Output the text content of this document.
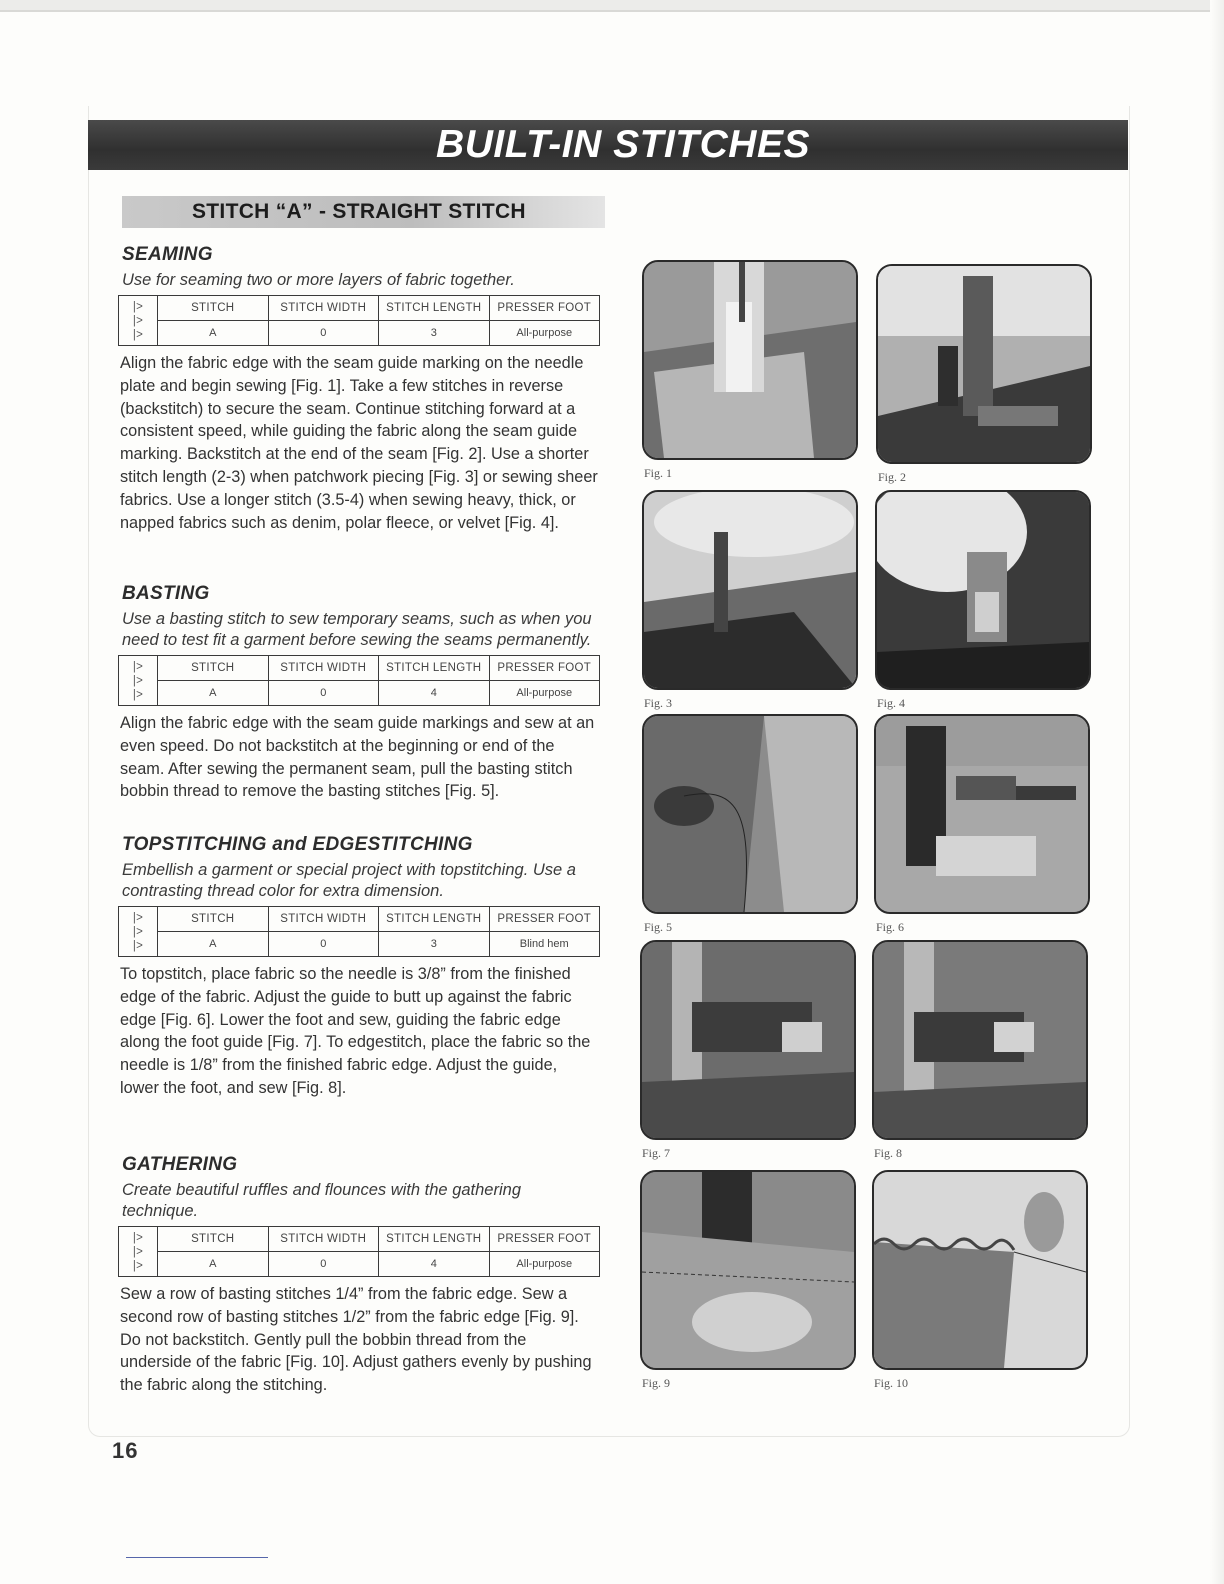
BUILT-IN STITCHES
STITCH “A” - STRAIGHT STITCH
SEAMING
Use for seaming two or more layers of fabric together.
|>
|>
|>	STITCH	STITCH WIDTH	STITCH LENGTH	PRESSER FOOT
	A	0	3	All-purpose
Align the fabric edge with the seam guide marking on the needle plate and begin sewing [Fig. 1]. Take a few stitches in reverse (backstitch) to secure the seam. Continue stitching forward at a consistent speed, while guiding the fabric along the seam guide marking. Backstitch at the end of the seam [Fig. 2]. Use a shorter stitch length (2-3) when patchwork piecing [Fig. 3] or sewing sheer fabrics. Use a longer stitch (3.5-4) when sewing heavy, thick, or napped fabrics such as denim, polar fleece, or velvet [Fig. 4].
BASTING
Use a basting stitch to sew temporary seams, such as when you need to test fit a garment before sewing the seams permanently.
|>
|>
|>	STITCH	STITCH WIDTH	STITCH LENGTH	PRESSER FOOT
	A	0	4	All-purpose
Align the fabric edge with the seam guide markings and sew at an even speed. Do not backstitch at the beginning or end of the seam. After sewing the permanent seam, pull the basting stitch bobbin thread to remove the basting stitches [Fig. 5].
TOPSTITCHING and EDGESTITCHING
Embellish a garment or special project with topstitching. Use a contrasting thread color for extra dimension.
|>
|>
|>	STITCH	STITCH WIDTH	STITCH LENGTH	PRESSER FOOT
	A	0	3	Blind hem
To topstitch, place fabric so the needle is 3/8” from the finished edge of the fabric. Adjust the guide to butt up against the fabric edge [Fig. 6]. Lower the foot and sew, guiding the fabric edge along the foot guide [Fig. 7]. To edgestitch, place the fabric so the needle is 1/8” from the finished fabric edge. Adjust the guide, lower the foot, and sew [Fig. 8].
GATHERING
Create beautiful ruffles and flounces with the gathering technique.
|>
|>
|>	STITCH	STITCH WIDTH	STITCH LENGTH	PRESSER FOOT
	A	0	4	All-purpose
Sew a row of basting stitches 1/4” from the fabric edge. Sew a second row of basting stitches 1/2” from the fabric edge [Fig. 9]. Do not backstitch. Gently pull the bobbin thread from the underside of the fabric [Fig. 10]. Adjust gathers evenly by pushing the fabric along the stitching.
Fig. 1	Fig. 2
Fig. 3	Fig. 4
Fig. 5	Fig. 6
Fig. 7	Fig. 8
Fig. 9	Fig. 10
16
